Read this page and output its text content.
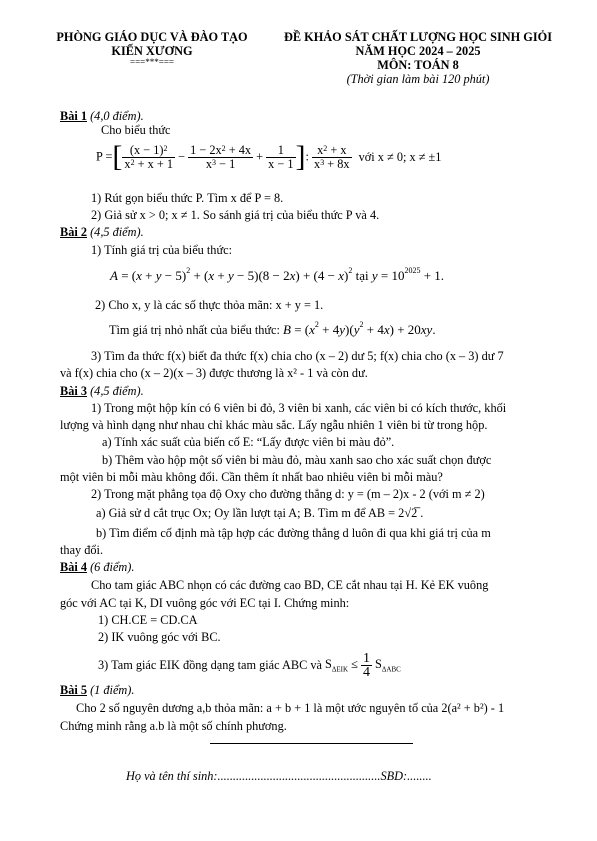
PHÒNG GIÁO DỤC VÀ ĐÀO TẠO
KIẾN XƯƠNG
===***===
ĐỀ KHẢO SÁT CHẤT LƯỢNG HỌC SINH GIỎI
NĂM HỌC 2024 – 2025
MÔN: TOÁN 8
(Thời gian làm bài 120 phút)
Bài 1 (4,0 điểm).
Cho biểu thức
P =[ $\frac{(x - 1)^2}{x^2 + x + 1} - \frac{1 - 2x^2 + 4x}{x^3 - 1} + \frac{1}{x - 1}$ ]: $\frac{x^2 + x}{x^3 + 8x}$ với x ≠ 0; x ≠ ±1
1) Rút gọn biểu thức P. Tìm x để P = 8.
2) Giả sử x > 0; x ≠ 1. So sánh giá trị của biểu thức P và 4.
Bài 2 (4,5 điểm).
1) Tính giá trị của biểu thức:
$A = (x + y - 5)^2 + (x + y - 5)(8 - 2x) + (4 - x)^2$ tại $y = 10^{2025} + 1$.
2) Cho x, y là các số thực thỏa mãn: x + y = 1.
Tìm giá trị nhỏ nhất của biểu thức: $B = (x^2 + 4y)(y^2 + 4x) + 20xy$.
3) Tìm đa thức f(x) biết đa thức f(x) chia cho (x – 2) dư 5; f(x) chia cho (x – 3) dư 7
và f(x) chia cho (x – 2)(x – 3) được thương là x² - 1 và còn dư.
Bài 3 (4,5 điểm).
1) Trong một hộp kín có 6 viên bi đỏ, 3 viên bi xanh, các viên bi có kích thước, khối
lượng và hình dạng như nhau chỉ khác màu sắc. Lấy ngẫu nhiên 1 viên bi từ trong hộp.
a) Tính xác suất của biến cố E: “Lấy được viên bi màu đỏ”.
b) Thêm vào hộp một số viên bi màu đỏ, màu xanh sao cho xác suất chọn được
một viên bi mỗi màu không đổi. Cần thêm ít nhất bao nhiêu viên bi mỗi màu?
2) Trong mặt phẳng tọa độ Oxy cho đường thẳng d: y = (m – 2)x - 2 (với m ≠ 2)
a) Giả sử d cắt trục Ox; Oy lần lượt tại A; B. Tìm m để AB = 2√2̅ .
b) Tìm điểm cố định mà tập hợp các đường thẳng d luôn đi qua khi giá trị của m
thay đổi.
Bài 4 (6 điểm).
Cho tam giác ABC nhọn có các đường cao BD, CE cắt nhau tại H. Kẻ EK vuông
góc với AC tại K, DI vuông góc với EC tại I. Chứng minh:
1) CH.CE = CD.CA
2) IK vuông góc với BC.
3) Tam giác EIK đồng dạng tam giác ABC và $S_{\Delta EIK} \le \frac{1}{4} S_{\Delta ABC}$
Bài 5 (1 điểm).
Cho 2 số nguyên dương a,b thỏa mãn: a + b + 1 là một ước nguyên tố của 2(a² + b²) - 1
Chứng minh rằng a.b là một số chính phương.
Họ và tên thí sinh:.....................................................SBD:........
